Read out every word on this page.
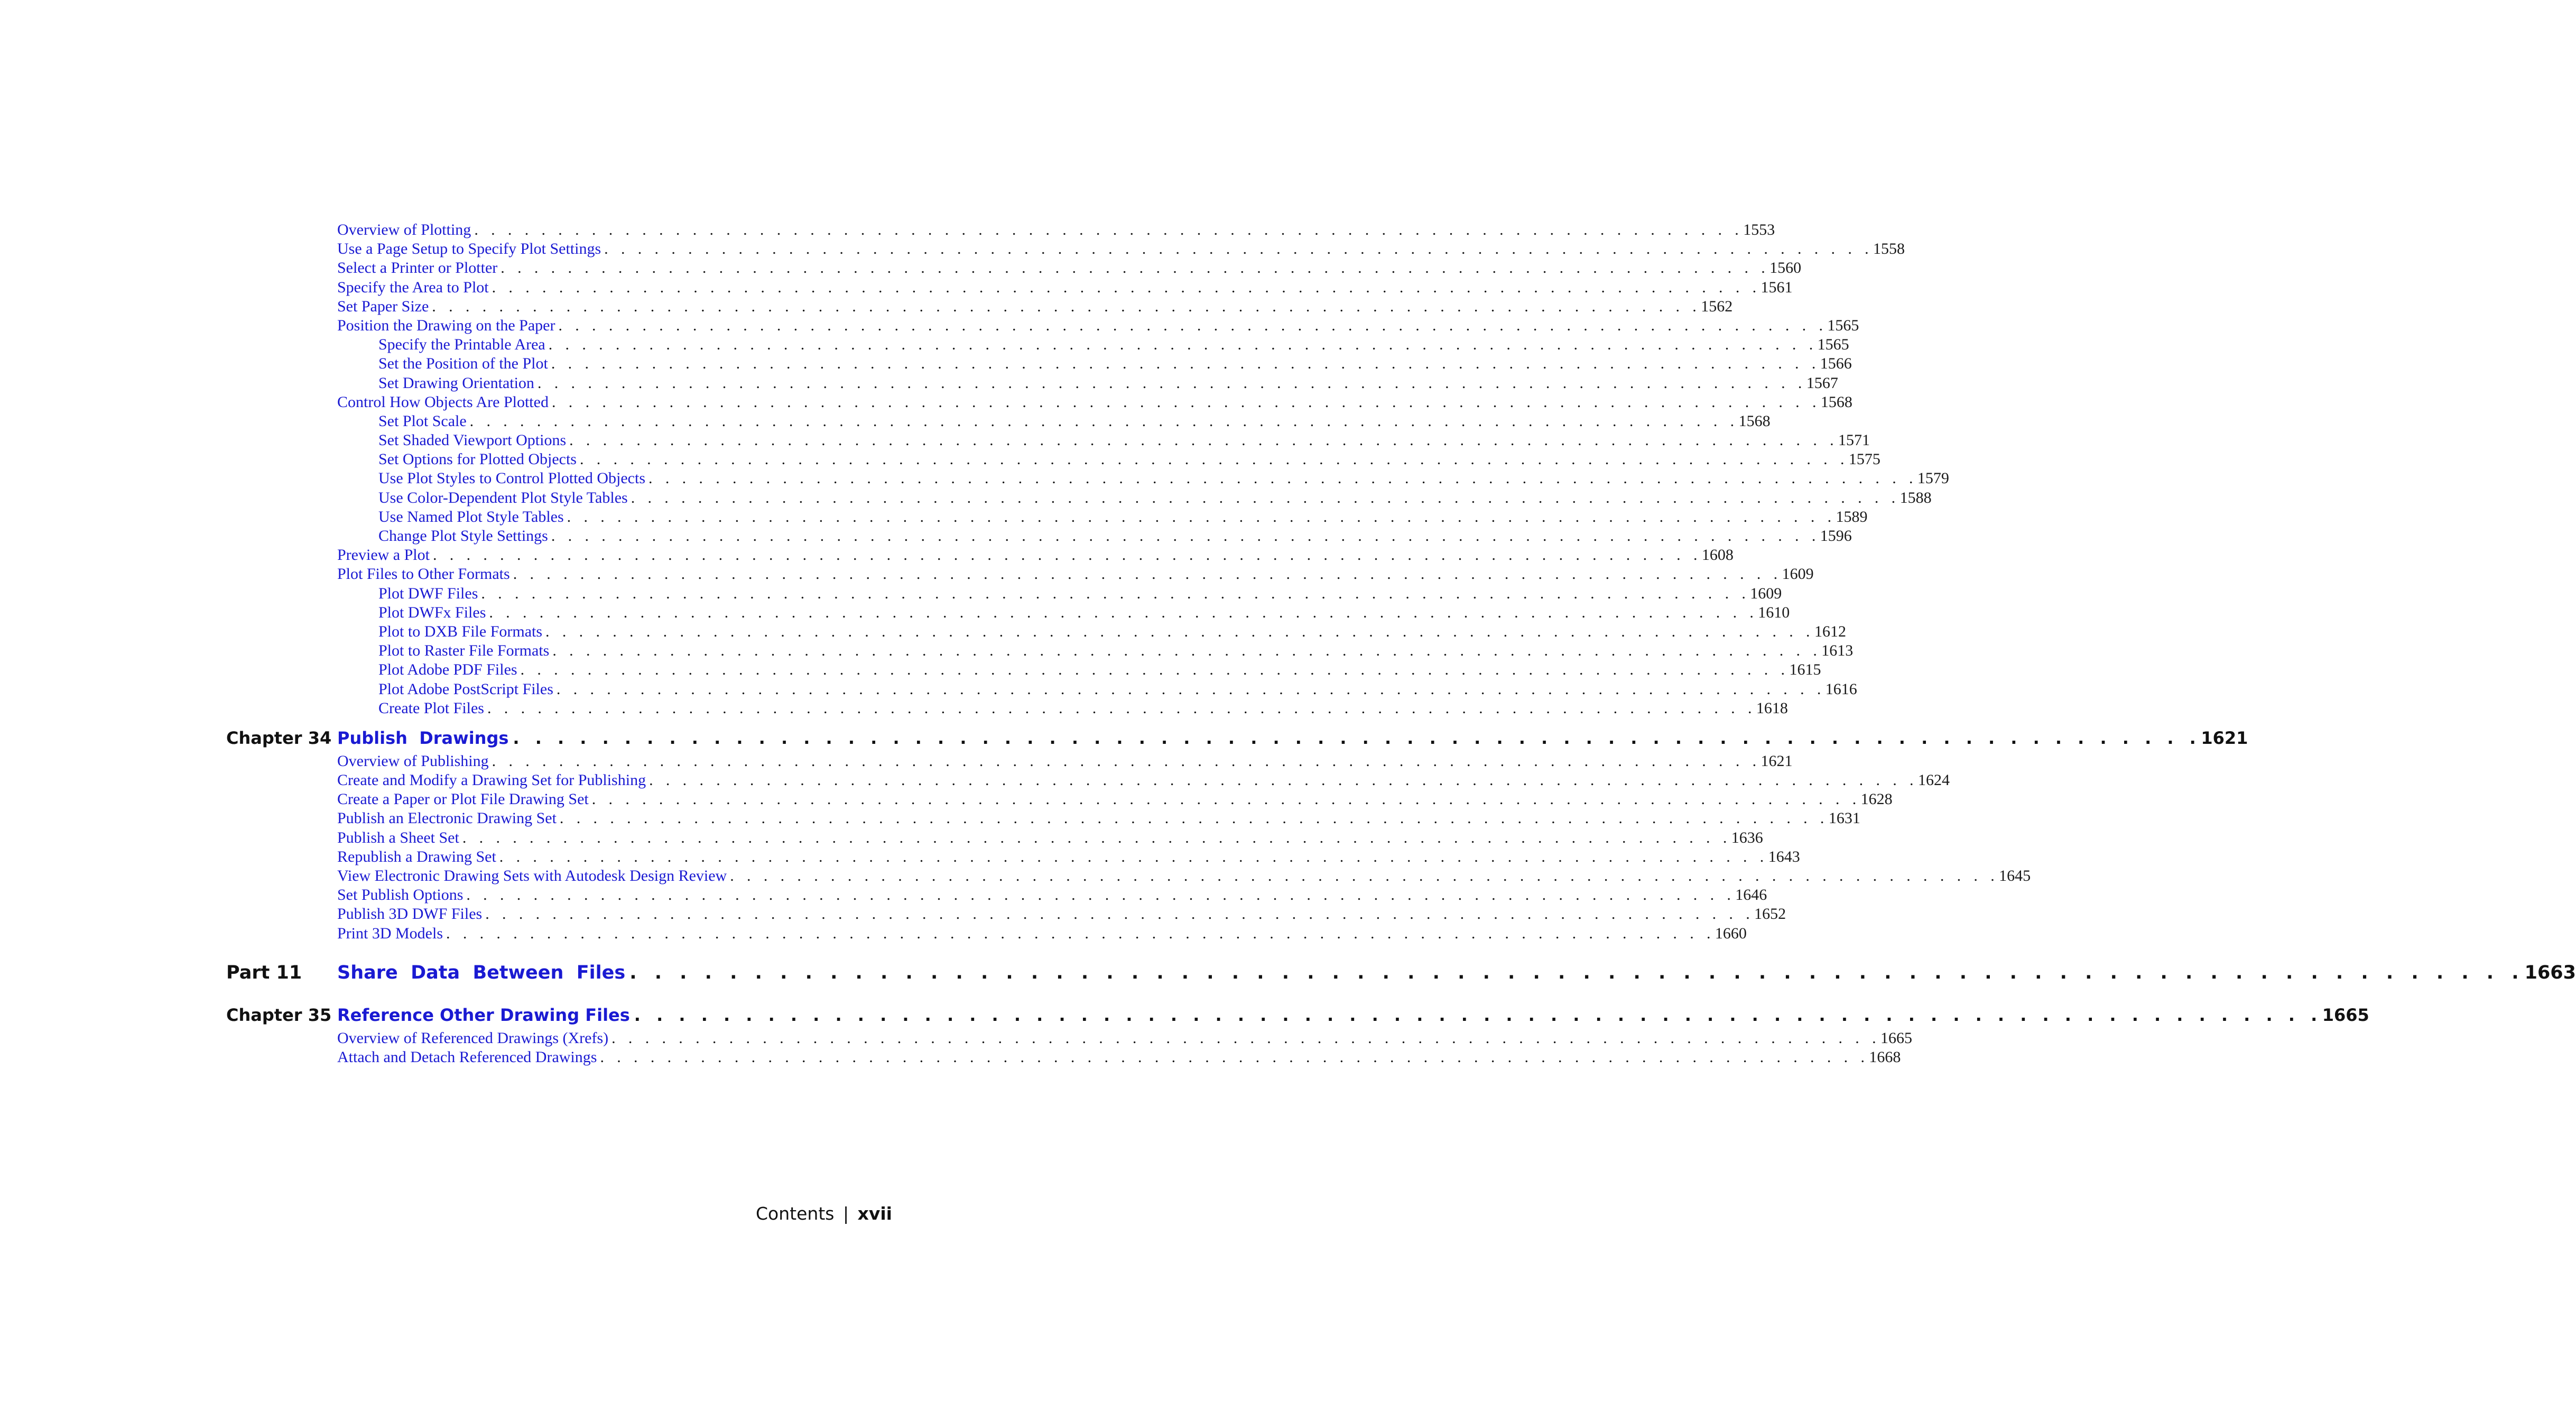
Overview of Plotting . . . . . . . . . . . . . . . . . . . . . . . . . . . . . . . . . . . . . . . . . . . . . . . . . . . . . . . . . . . . . . . . . . . . . . . . . . . . 1553
Use a Page Setup to Specify Plot Settings . . . . . . . . . . . . . . . . . . . . . . . . . . . . . . . . . . . . . . . . . . . . . . . . . . . . . . . . . . . . . . . . . . . . . . . . . . . . 1558
Select a Printer or Plotter . . . . . . . . . . . . . . . . . . . . . . . . . . . . . . . . . . . . . . . . . . . . . . . . . . . . . . . . . . . . . . . . . . . . . . . . . . . . 1560
Specify the Area to Plot . . . . . . . . . . . . . . . . . . . . . . . . . . . . . . . . . . . . . . . . . . . . . . . . . . . . . . . . . . . . . . . . . . . . . . . . . . . . 1561
Set Paper Size . . . . . . . . . . . . . . . . . . . . . . . . . . . . . . . . . . . . . . . . . . . . . . . . . . . . . . . . . . . . . . . . . . . . . . . . . . . . 1562
Position the Drawing on the Paper . . . . . . . . . . . . . . . . . . . . . . . . . . . . . . . . . . . . . . . . . . . . . . . . . . . . . . . . . . . . . . . . . . . . . . . . . . . . 1565
Specify the Printable Area . . . . . . . . . . . . . . . . . . . . . . . . . . . . . . . . . . . . . . . . . . . . . . . . . . . . . . . . . . . . . . . . . . . . . . . . . . . . 1565
Set the Position of the Plot . . . . . . . . . . . . . . . . . . . . . . . . . . . . . . . . . . . . . . . . . . . . . . . . . . . . . . . . . . . . . . . . . . . . . . . . . . . . 1566
Set Drawing Orientation . . . . . . . . . . . . . . . . . . . . . . . . . . . . . . . . . . . . . . . . . . . . . . . . . . . . . . . . . . . . . . . . . . . . . . . . . . . . 1567
Control How Objects Are Plotted . . . . . . . . . . . . . . . . . . . . . . . . . . . . . . . . . . . . . . . . . . . . . . . . . . . . . . . . . . . . . . . . . . . . . . . . . . . . 1568
Set Plot Scale . . . . . . . . . . . . . . . . . . . . . . . . . . . . . . . . . . . . . . . . . . . . . . . . . . . . . . . . . . . . . . . . . . . . . . . . . . . . 1568
Set Shaded Viewport Options . . . . . . . . . . . . . . . . . . . . . . . . . . . . . . . . . . . . . . . . . . . . . . . . . . . . . . . . . . . . . . . . . . . . . . . . . . . . 1571
Set Options for Plotted Objects . . . . . . . . . . . . . . . . . . . . . . . . . . . . . . . . . . . . . . . . . . . . . . . . . . . . . . . . . . . . . . . . . . . . . . . . . . . . 1575
Use Plot Styles to Control Plotted Objects . . . . . . . . . . . . . . . . . . . . . . . . . . . . . . . . . . . . . . . . . . . . . . . . . . . . . . . . . . . . . . . . . . . . . . . . . . . . 1579
Use Color-Dependent Plot Style Tables . . . . . . . . . . . . . . . . . . . . . . . . . . . . . . . . . . . . . . . . . . . . . . . . . . . . . . . . . . . . . . . . . . . . . . . . . . . . 1588
Use Named Plot Style Tables . . . . . . . . . . . . . . . . . . . . . . . . . . . . . . . . . . . . . . . . . . . . . . . . . . . . . . . . . . . . . . . . . . . . . . . . . . . . 1589
Change Plot Style Settings . . . . . . . . . . . . . . . . . . . . . . . . . . . . . . . . . . . . . . . . . . . . . . . . . . . . . . . . . . . . . . . . . . . . . . . . . . . . 1596
Preview a Plot . . . . . . . . . . . . . . . . . . . . . . . . . . . . . . . . . . . . . . . . . . . . . . . . . . . . . . . . . . . . . . . . . . . . . . . . . . . . 1608
Plot Files to Other Formats . . . . . . . . . . . . . . . . . . . . . . . . . . . . . . . . . . . . . . . . . . . . . . . . . . . . . . . . . . . . . . . . . . . . . . . . . . . . 1609
Plot DWF Files . . . . . . . . . . . . . . . . . . . . . . . . . . . . . . . . . . . . . . . . . . . . . . . . . . . . . . . . . . . . . . . . . . . . . . . . . . . . 1609
Plot DWFx Files . . . . . . . . . . . . . . . . . . . . . . . . . . . . . . . . . . . . . . . . . . . . . . . . . . . . . . . . . . . . . . . . . . . . . . . . . . . . 1610
Plot to DXB File Formats . . . . . . . . . . . . . . . . . . . . . . . . . . . . . . . . . . . . . . . . . . . . . . . . . . . . . . . . . . . . . . . . . . . . . . . . . . . . 1612
Plot to Raster File Formats . . . . . . . . . . . . . . . . . . . . . . . . . . . . . . . . . . . . . . . . . . . . . . . . . . . . . . . . . . . . . . . . . . . . . . . . . . . . 1613
Plot Adobe PDF Files . . . . . . . . . . . . . . . . . . . . . . . . . . . . . . . . . . . . . . . . . . . . . . . . . . . . . . . . . . . . . . . . . . . . . . . . . . . . 1615
Plot Adobe PostScript Files . . . . . . . . . . . . . . . . . . . . . . . . . . . . . . . . . . . . . . . . . . . . . . . . . . . . . . . . . . . . . . . . . . . . . . . . . . . . 1616
Create Plot Files . . . . . . . . . . . . . . . . . . . . . . . . . . . . . . . . . . . . . . . . . . . . . . . . . . . . . . . . . . . . . . . . . . . . . . . . . . . . 1618
Chapter 34 Publish  Drawings . . . . . . . . . . . . . . . . . . . . . . . . . . . . . . . . . . . . . . . . . . . . . . . . . . . . . . . . . . . . . . . . . . . . . . . . . . . . 1621
Overview of Publishing . . . . . . . . . . . . . . . . . . . . . . . . . . . . . . . . . . . . . . . . . . . . . . . . . . . . . . . . . . . . . . . . . . . . . . . . . . . . 1621
Create and Modify a Drawing Set for Publishing . . . . . . . . . . . . . . . . . . . . . . . . . . . . . . . . . . . . . . . . . . . . . . . . . . . . . . . . . . . . . . . . . . . . . . . . . . . . 1624
Create a Paper or Plot File Drawing Set . . . . . . . . . . . . . . . . . . . . . . . . . . . . . . . . . . . . . . . . . . . . . . . . . . . . . . . . . . . . . . . . . . . . . . . . . . . . 1628
Publish an Electronic Drawing Set . . . . . . . . . . . . . . . . . . . . . . . . . . . . . . . . . . . . . . . . . . . . . . . . . . . . . . . . . . . . . . . . . . . . . . . . . . . . 1631
Publish a Sheet Set . . . . . . . . . . . . . . . . . . . . . . . . . . . . . . . . . . . . . . . . . . . . . . . . . . . . . . . . . . . . . . . . . . . . . . . . . . . . 1636
Republish a Drawing Set . . . . . . . . . . . . . . . . . . . . . . . . . . . . . . . . . . . . . . . . . . . . . . . . . . . . . . . . . . . . . . . . . . . . . . . . . . . . 1643
View Electronic Drawing Sets with Autodesk Design Review . . . . . . . . . . . . . . . . . . . . . . . . . . . . . . . . . . . . . . . . . . . . . . . . . . . . . . . . . . . . . . . . . . . . . . . . . . . . 1645
Set Publish Options . . . . . . . . . . . . . . . . . . . . . . . . . . . . . . . . . . . . . . . . . . . . . . . . . . . . . . . . . . . . . . . . . . . . . . . . . . . . 1646
Publish 3D DWF Files . . . . . . . . . . . . . . . . . . . . . . . . . . . . . . . . . . . . . . . . . . . . . . . . . . . . . . . . . . . . . . . . . . . . . . . . . . . . 1652
Print 3D Models . . . . . . . . . . . . . . . . . . . . . . . . . . . . . . . . . . . . . . . . . . . . . . . . . . . . . . . . . . . . . . . . . . . . . . . . . . . . 1660
Part 11 Share  Data  Between  Files . . . . . . . . . . . . . . . . . . . . . . . . . . . . . . . . . . . . . . . . . . . . . . . . . . . . . . . . . . . . . . . . . . . . . . . . . . . . 1663
Chapter 35 Reference Other Drawing Files . . . . . . . . . . . . . . . . . . . . . . . . . . . . . . . . . . . . . . . . . . . . . . . . . . . . . . . . . . . . . . . . . . . . . . . . . . . . 1665
Overview of Referenced Drawings (Xrefs) . . . . . . . . . . . . . . . . . . . . . . . . . . . . . . . . . . . . . . . . . . . . . . . . . . . . . . . . . . . . . . . . . . . . . . . . . . . . 1665
Attach and Detach Referenced Drawings . . . . . . . . . . . . . . . . . . . . . . . . . . . . . . . . . . . . . . . . . . . . . . . . . . . . . . . . . . . . . . . . . . . . . . . . . . . . 1668
Contents | xvii
